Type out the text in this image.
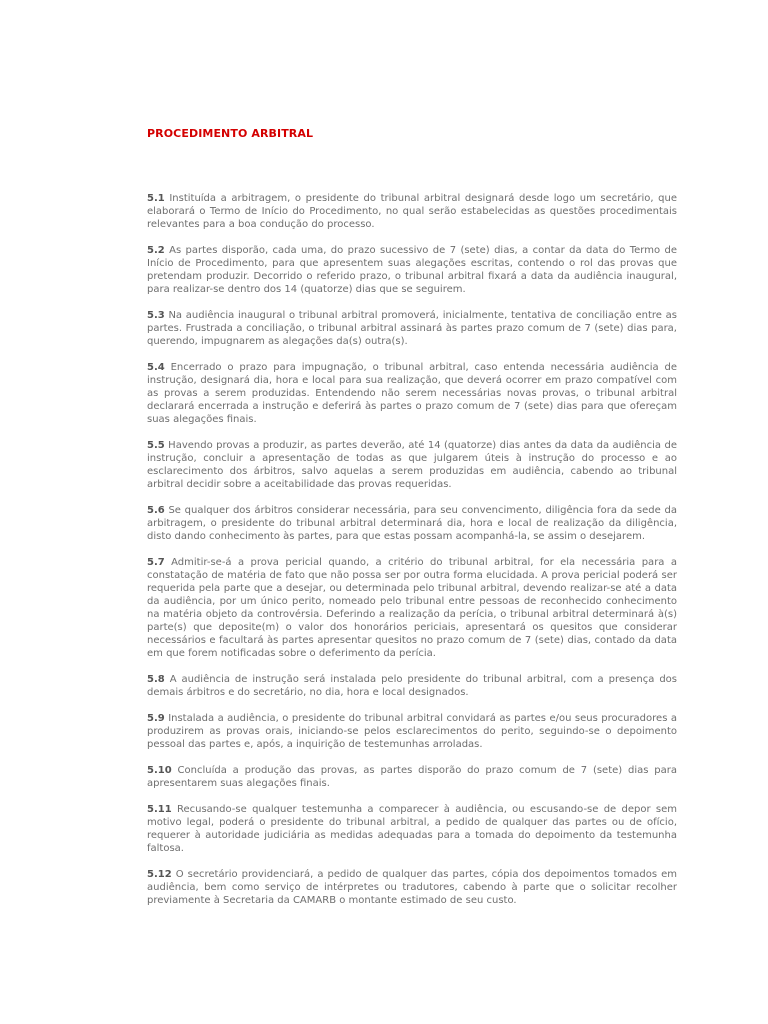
PROCEDIMENTO ARBITRAL

5.1 Instituída a arbitragem, o presidente do tribunal arbitral designará desde logo um secretário, que elaborará o Termo de Início do Procedimento, no qual serão estabelecidas as questões procedimentais relevantes para a boa condução do processo.

5.2 As partes disporão, cada uma, do prazo sucessivo de 7 (sete) dias, a contar da data do Termo de Início de Procedimento, para que apresentem suas alegações escritas, contendo o rol das provas que pretendam produzir. Decorrido o referido prazo, o tribunal arbitral fixará a data da audiência inaugural, para realizar-se dentro dos 14 (quatorze) dias que se seguirem.

5.3 Na audiência inaugural o tribunal arbitral promoverá, inicialmente, tentativa de conciliação entre as partes. Frustrada a conciliação, o tribunal arbitral assinará às partes prazo comum de 7 (sete) dias para, querendo, impugnarem as alegações da(s) outra(s).

5.4 Encerrado o prazo para impugnação, o tribunal arbitral, caso entenda necessária audiência de instrução, designará dia, hora e local para sua realização, que deverá ocorrer em prazo compatível com as provas a serem produzidas. Entendendo não serem necessárias novas provas, o tribunal arbitral declarará encerrada a instrução e deferirá às partes o prazo comum de 7 (sete) dias para que ofereçam suas alegações finais.

5.5 Havendo provas a produzir, as partes deverão, até 14 (quatorze) dias antes da data da audiência de instrução, concluir a apresentação de todas as que julgarem úteis à instrução do processo e ao esclarecimento dos árbitros, salvo aquelas a serem produzidas em audiência, cabendo ao tribunal arbitral decidir sobre a aceitabilidade das provas requeridas.

5.6 Se qualquer dos árbitros considerar necessária, para seu convencimento, diligência fora da sede da arbitragem, o presidente do tribunal arbitral determinará dia, hora e local de realização da diligência, disto dando conhecimento às partes, para que estas possam acompanhá-la, se assim o desejarem.

5.7 Admitir-se-á a prova pericial quando, a critério do tribunal arbitral, for ela necessária para a constatação de matéria de fato que não possa ser por outra forma elucidada. A prova pericial poderá ser requerida pela parte que a desejar, ou determinada pelo tribunal arbitral, devendo realizar-se até a data da audiência, por um único perito, nomeado pelo tribunal entre pessoas de reconhecido conhecimento na matéria objeto da controvérsia. Deferindo a realização da perícia, o tribunal arbitral determinará à(s) parte(s) que deposite(m) o valor dos honorários periciais, apresentará os quesitos que considerar necessários e facultará às partes apresentar quesitos no prazo comum de 7 (sete) dias, contado da data em que forem notificadas sobre o deferimento da perícia.

5.8 A audiência de instrução será instalada pelo presidente do tribunal arbitral, com a presença dos demais árbitros e do secretário, no dia, hora e local designados.

5.9 Instalada a audiência, o presidente do tribunal arbitral convidará as partes e/ou seus procuradores a produzirem as provas orais, iniciando-se pelos esclarecimentos do perito, seguindo-se o depoimento pessoal das partes e, após, a inquirição de testemunhas arroladas.

5.10 Concluída a produção das provas, as partes disporão do prazo comum de 7 (sete) dias para apresentarem suas alegações finais.

5.11 Recusando-se qualquer testemunha a comparecer à audiência, ou escusando-se de depor sem motivo legal, poderá o presidente do tribunal arbitral, a pedido de qualquer das partes ou de ofício, requerer à autoridade judiciária as medidas adequadas para a tomada do depoimento da testemunha faltosa.

5.12 O secretário providenciará, a pedido de qualquer das partes, cópia dos depoimentos tomados em audiência, bem como serviço de intérpretes ou tradutores, cabendo à parte que o solicitar recolher previamente à Secretaria da CAMARB o montante estimado de seu custo.
